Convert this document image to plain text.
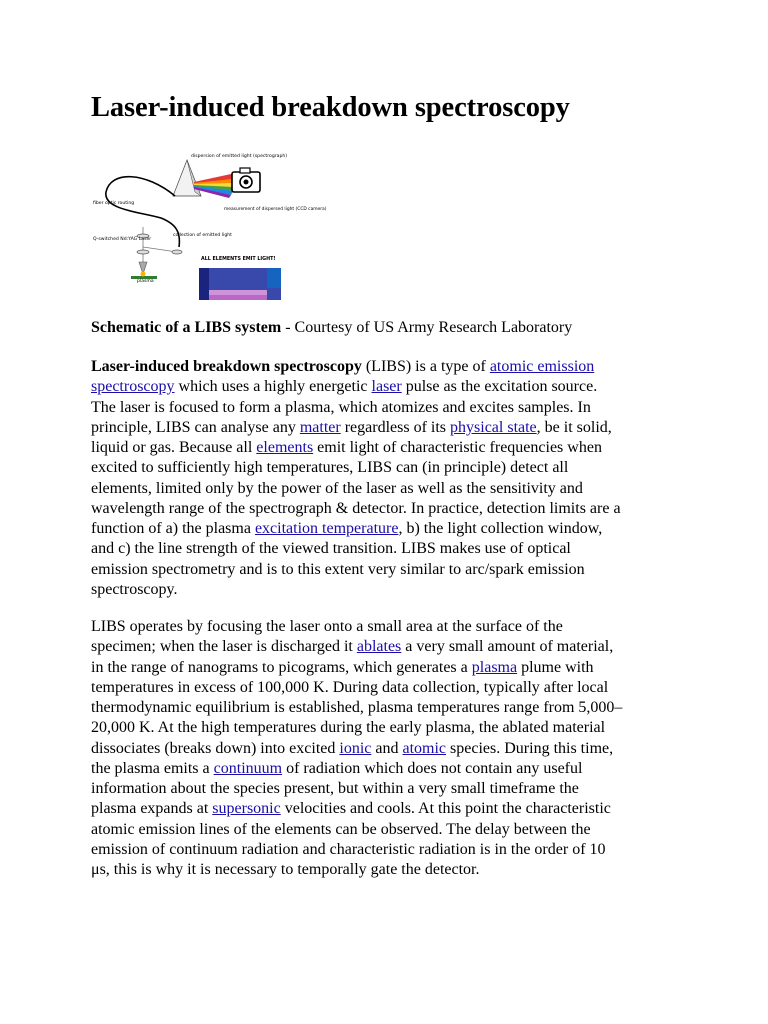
Laser-induced breakdown spectroscopy
dispersion of emitted light (spectrograph)
fiber optic routing
measurement of dispersed light (CCD camera)
Q-switched Nd:YAG Laser
collection of emitted light
ALL ELEMENTS EMIT LIGHT!
plasma

Schematic of a LIBS system - Courtesy of US Army Research Laboratory

Laser-induced breakdown spectroscopy (LIBS) is a type of atomic emission
spectroscopy which uses a highly energetic laser pulse as the excitation source.
The laser is focused to form a plasma, which atomizes and excites samples. In
principle, LIBS can analyse any matter regardless of its physical state, be it solid,
liquid or gas. Because all elements emit light of characteristic frequencies when
excited to sufficiently high temperatures, LIBS can (in principle) detect all
elements, limited only by the power of the laser as well as the sensitivity and
wavelength range of the spectrograph & detector. In practice, detection limits are a
function of a) the plasma excitation temperature, b) the light collection window,
and c) the line strength of the viewed transition. LIBS makes use of optical
emission spectrometry and is to this extent very similar to arc/spark emission
spectroscopy.

LIBS operates by focusing the laser onto a small area at the surface of the
specimen; when the laser is discharged it ablates a very small amount of material,
in the range of nanograms to picograms, which generates a plasma plume with
temperatures in excess of 100,000 K. During data collection, typically after local
thermodynamic equilibrium is established, plasma temperatures range from 5,000–
20,000 K. At the high temperatures during the early plasma, the ablated material
dissociates (breaks down) into excited ionic and atomic species. During this time,
the plasma emits a continuum of radiation which does not contain any useful
information about the species present, but within a very small timeframe the
plasma expands at supersonic velocities and cools. At this point the characteristic
atomic emission lines of the elements can be observed. The delay between the
emission of continuum radiation and characteristic radiation is in the order of 10
μs, this is why it is necessary to temporally gate the detector.
